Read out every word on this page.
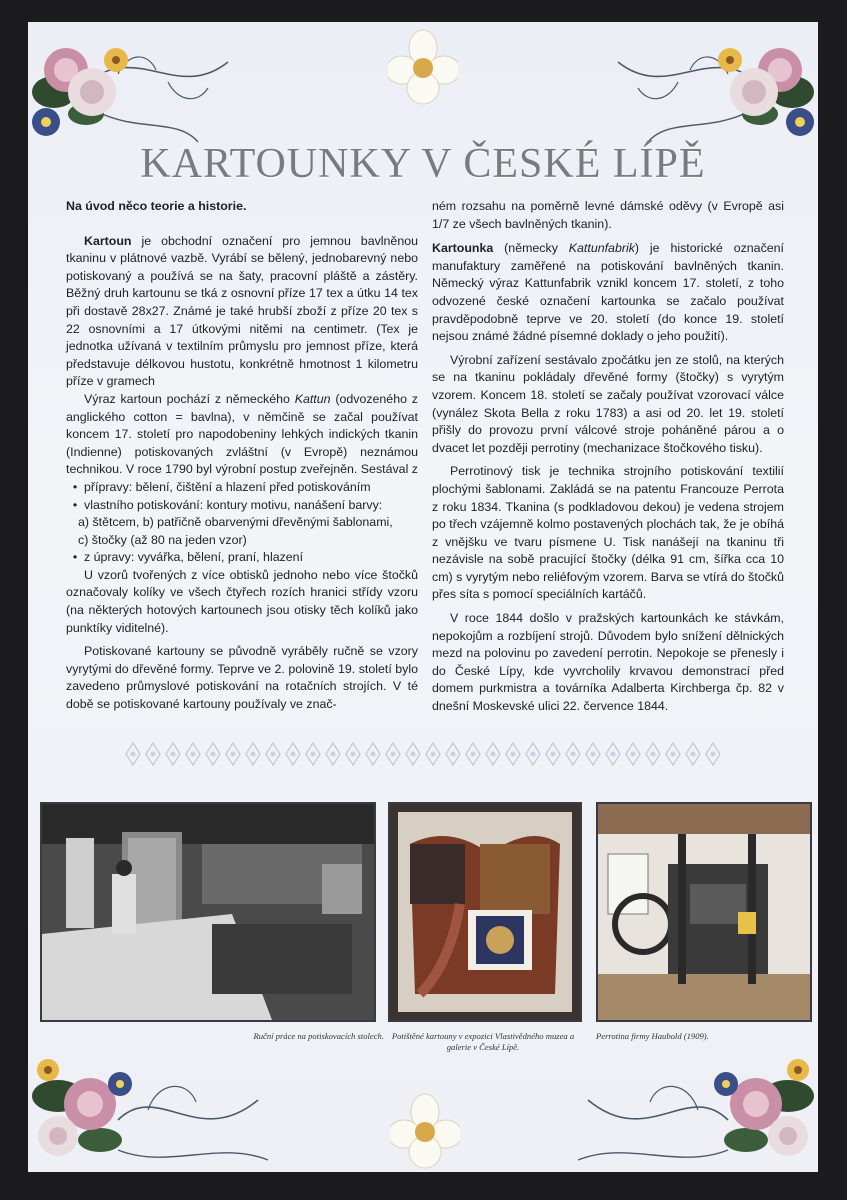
KARTOUNKY V ČESKÉ LÍPĚ

Na úvod něco teorie a historie.

Kartoun je obchodní označení pro jemnou bavlněnou tkaninu v plátnové vazbě. Vyrábí se bělený, jednobarevný nebo potiskovaný a používá se na šaty, pracovní pláště a zástěry. Běžný druh kartounu se tká z osnovní příze 17 tex a útku 14 tex při dostavě 28x27. Známé je také hrubší zboží z příze 20 tex s 22 osnovními a 17 útkovými nitěmi na centimetr. (Tex je jednotka užívaná v textilním průmyslu pro jemnost příze, která představuje délkovou hustotu, konkrétně hmotnost 1 kilometru příze v gramech

Výraz kartoun pochází z německého Kattun (odvozeného z anglického cotton = bavlna), v němčině se začal používat koncem 17. století pro napodobeniny lehkých indických tkanin (Indienne) potiskovaných zvláštní (v Evropě) neznámou technikou. V roce 1790 byl výrobní postup zveřejněn. Sestával z

• přípravy: bělení, čištění a hlazení před potiskováním
• vlastního potiskování: kontury motivu, nanášení barvy:
a) štětcem, b) patřičně obarvenými dřevěnými šablonami,
c) štočky (až 80 na jeden vzor)
• z úpravy: vyvářka, bělení, praní, hlazení

U vzorů tvořených z více obtisků jednoho nebo více štočků označovaly kolíky ve všech čtyřech rozích hranici střídy vzoru (na některých hotových kartounech jsou otisky těch kolíků jako punktíky viditelné).

Potiskované kartouny se původně vyráběly ručně se vzory vyrytými do dřevěné formy. Teprve ve 2. polovině 19. století bylo zavedeno průmyslové potiskování na rotačních strojích. V té době se potiskované kartouny používaly ve znač-

ném rozsahu na poměrně levné dámské oděvy (v Evropě asi 1/7 ze všech bavlněných tkanin).

Kartounka (německy Kattunfabrik) je historické označení manufaktury zaměřené na potiskování bavlněných tkanin. Německý výraz Kattunfabrik vznikl koncem 17. století, z toho odvozené české označení kartounka se začalo používat pravděpodobně teprve ve 20. století (do konce 19. století nejsou známé žádné písemné doklady o jeho použití).

Výrobní zařízení sestávalo zpočátku jen ze stolů, na kterých se na tkaninu pokládaly dřevěné formy (štočky) s vyrytým vzorem. Koncem 18. století se začaly používat vzorovací válce (vynález Skota Bella z roku 1783) a asi od 20. let 19. století přišly do provozu první válcové stroje poháněné párou a o dvacet let později perrotiny (mechanizace štočkového tisku).

Perrotinový tisk je technika strojního potiskování textilií plochými šablonami. Zakládá se na patentu Francouze Perrota z roku 1834. Tkanina (s podkladovou dekou) je vedena strojem po třech vzájemně kolmo postavených plochách tak, že je obíhá z vnějšku ve tvaru písmene U. Tisk nanášejí na tkaninu tři nezávisle na sobě pracující štočky (délka 91 cm, šířka cca 10 cm) s vyrytým nebo reliéfovým vzorem. Barva se vtírá do štočků přes síta s pomocí speciálních kartáčů.

V roce 1844 došlo v pražských kartounkách ke stávkám, nepokojům a rozbíjení strojů. Důvodem bylo snížení dělnických mezd na polovinu po zavedení perrotin. Nepokoje se přenesly i do České Lípy, kde vyvrcholily krvavou demonstrací před domem purkmistra a továrníka Adalberta Kirchberga čp. 82 v dnešní Moskevské ulici 22. července 1844.

Ruční práce na potiskovacích stolech. Potištěné kartouny v expozici Vlastivědného muzea a galerie v České Lípě.
Perrotina firmy Haubold (1909).
